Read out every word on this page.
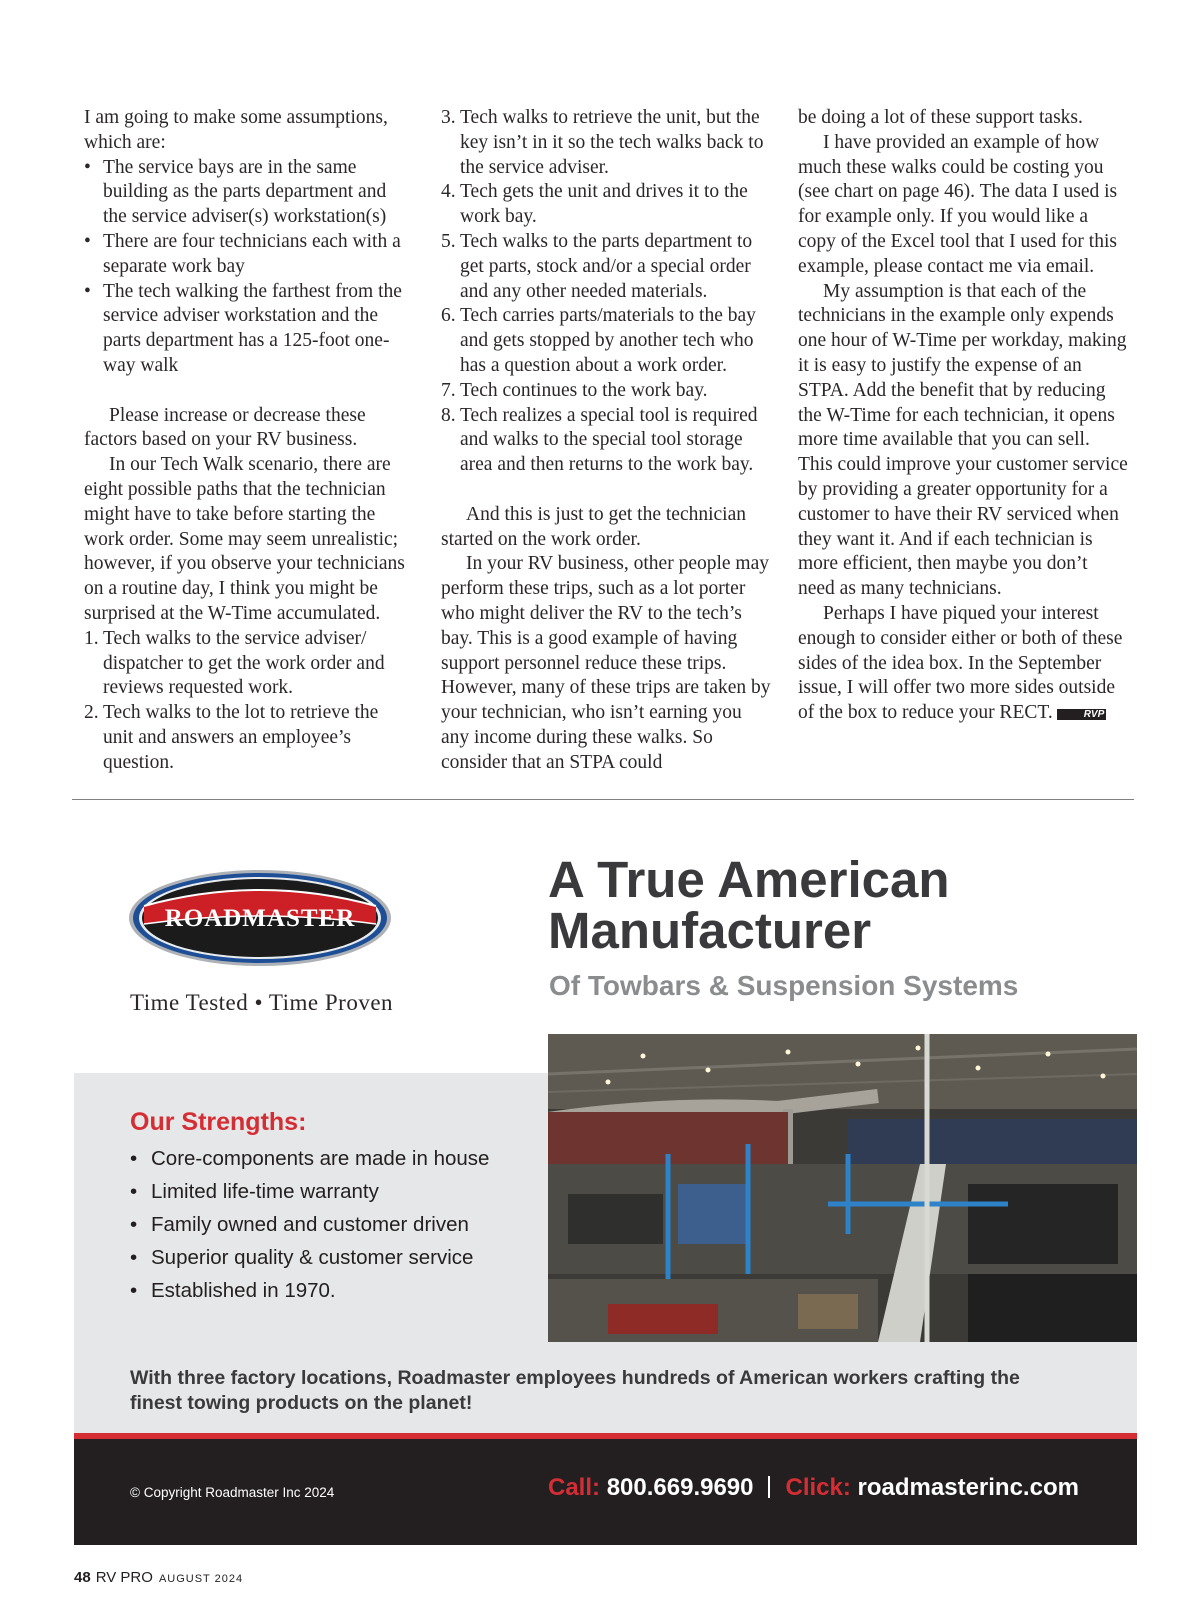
I am going to make some assumptions, which are:

• The service bays are in the same building as the parts department and the service adviser(s) workstation(s)
• There are four technicians each with a separate work bay
• The tech walking the farthest from the service adviser workstation and the parts department has a 125-foot one-way walk

Please increase or decrease these factors based on your RV business.

In our Tech Walk scenario, there are eight possible paths that the technician might have to take before starting the work order. Some may seem unrealistic; however, if you observe your technicians on a routine day, I think you might be surprised at the W-Time accumulated.

1. Tech walks to the service adviser/ dispatcher to get the work order and reviews requested work.
2. Tech walks to the lot to retrieve the unit and answers an employee’s question.
3. Tech walks to retrieve the unit, but the key isn’t in it so the tech walks back to the service adviser.
4. Tech gets the unit and drives it to the work bay.
5. Tech walks to the parts department to get parts, stock and/or a special order and any other needed materials.
6. Tech carries parts/materials to the bay and gets stopped by another tech who has a question about a work order.
7. Tech continues to the work bay.
8. Tech realizes a special tool is required and walks to the special tool storage area and then returns to the work bay.

And this is just to get the technician started on the work order.

In your RV business, other people may perform these trips, such as a lot porter who might deliver the RV to the tech’s bay. This is a good example of having support personnel reduce these trips. However, many of these trips are taken by your technician, who isn’t earning you any income during these walks. So consider that an STPA could

be doing a lot of these support tasks.

I have provided an example of how much these walks could be costing you (see chart on page 46). The data I used is for example only. If you would like a copy of the Excel tool that I used for this example, please contact me via email.

My assumption is that each of the technicians in the example only expends one hour of W-Time per workday, making it is easy to justify the expense of an STPA. Add the benefit that by reducing the W-Time for each technician, it opens more time available that you can sell. This could improve your customer service by providing a greater opportunity for a customer to have their RV serviced when they want it. And if each technician is more efficient, then maybe you don’t need as many technicians.

Perhaps I have piqued your interest enough to consider either or both of these sides of the idea box. In the September issue, I will offer two more sides outside of the box to reduce your RECT.	RVP

ROADMASTER
Time Tested • Time Proven
A True American Manufacturer
Of Towbars & Suspension Systems
Our Strengths:
• Core-components are made in house
• Limited life-time warranty
• Family owned and customer driven
• Superior quality & customer service
• Established in 1970.
With three factory locations, Roadmaster employees hundreds of American workers crafting the finest towing products on the planet!
© Copyright Roadmaster Inc 2024	Call: 800.669.9690 Click: roadmasterinc.com
48 RV PRO AUGUST 2024
